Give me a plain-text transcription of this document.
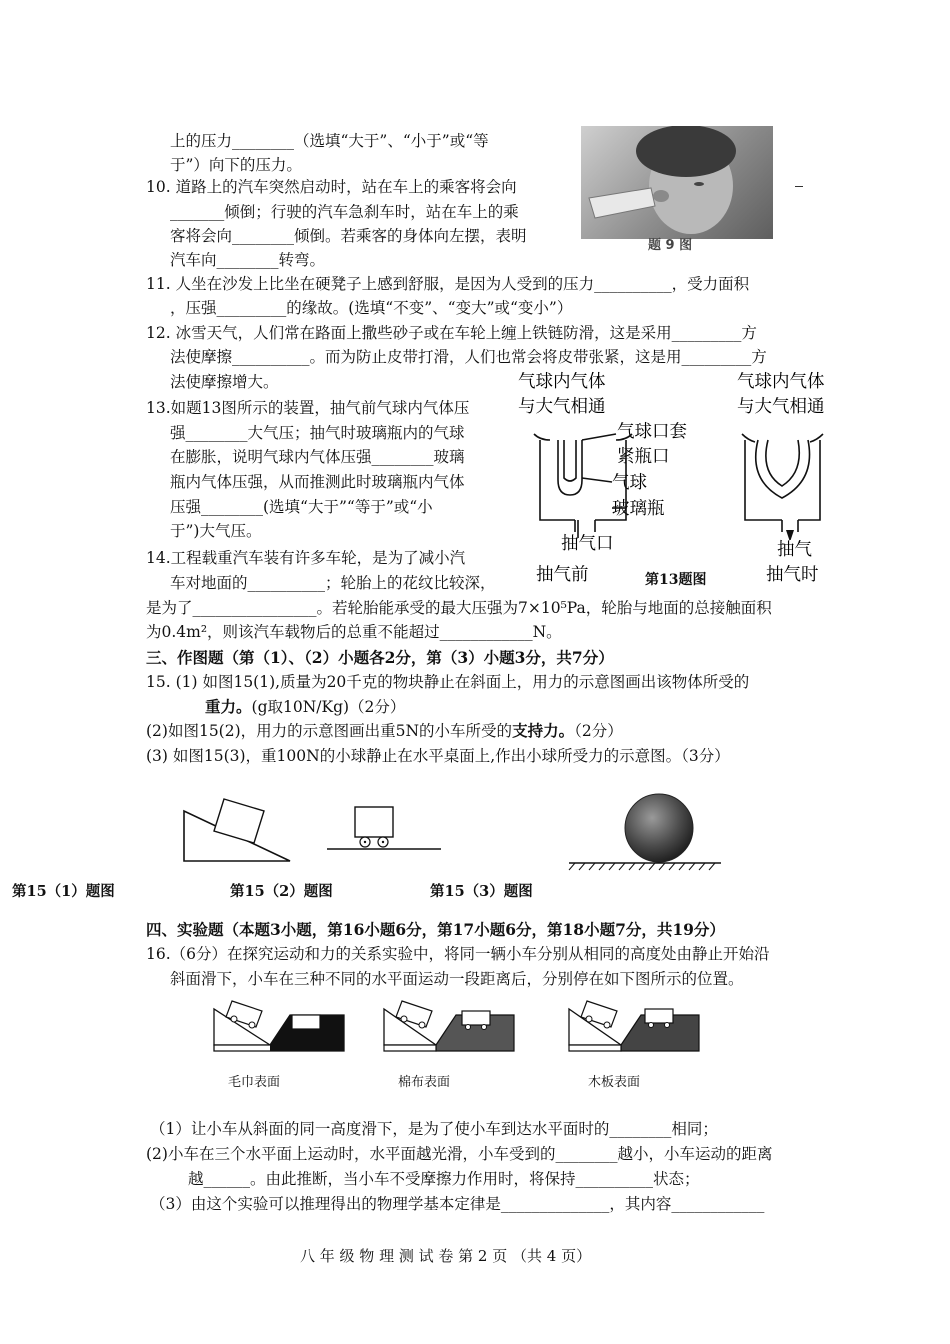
上的压力________（选填“大于”、“小于”或“等
于”）向下的压力。
10. 道路上的汽车突然启动时，站在车上的乘客将会向
_______倾倒；行驶的汽车急刹车时，站在车上的乘
客将会向________倾倒。若乘客的身体向左摆，表明
汽车向________转弯。
11. 人坐在沙发上比坐在硬凳子上感到舒服，是因为人受到的压力__________，受力面积
，压强_________的缘故。(选填“不变”、“变大”或“变小”）
12. 冰雪天气，人们常在路面上撒些砂子或在车轮上缠上铁链防滑，这是采用_________方
法使摩擦__________。而为防止皮带打滑，人们也常会将皮带张紧，这是用_________方
法使摩擦增大。
13.如题13图所示的装置，抽气前气球内气体压
强________大气压；抽气时玻璃瓶内的气球
在膨胀，说明气球内气体压强________玻璃
瓶内气体压强，从而推测此时玻璃瓶内气体
压强________(选填“大于”“等于”或“小
于”)大气压。
14.工程载重汽车装有许多车轮，是为了减小汽
车对地面的__________；轮胎上的花纹比较深，
是为了________________。若轮胎能承受的最大压强为7×10⁵Pa，轮胎与地面的总接触面积
为0.4m²，则该汽车载物后的总重不能超过____________N。
三、作图题（第（1）、（2）小题各2分，第（3）小题3分，共7分）
15. (1) 如图15(1),质量为20千克的物块静止在斜面上，用力的示意图画出该物体所受的
重力。(g取10N/Kg)（2分）
(2)如图15(2)，用力的示意图画出重5N的小车所受的支持力。（2分）
(3) 如图15(3)，重100N的小球静止在水平桌面上,作出小球所受力的示意图。（3分）
四、实验题（本题3小题，第16小题6分，第17小题6分，第18小题7分，共19分）
16.（6分）在探究运动和力的关系实验中，将同一辆小车分别从相同的高度处由静止开始沿
斜面滑下，小车在三种不同的水平面运动一段距离后，分别停在如下图所示的位置。
（1）让小车从斜面的同一高度滑下，是为了使小车到达水平面时的________相同；
(2)小车在三个水平面上运动时，水平面越光滑，小车受到的________越小，小车运动的距离
越______。由此推断，当小车不受摩擦力作用时，将保持__________状态；
（3）由这个实验可以推理得出的物理学基本定律是______________，其内容____________
八 年 级 物 理 测 试 卷 第 2 页 （共 4 页）
题 9 图
气球内气体
与大气相通
气球内气体
与大气相通
气球口套
紧瓶口
气球
玻璃瓶
抽气口
抽气前	第13题图
抽气
抽气时
第15（1）题图	第15（2）题图	第15（3）题图
毛巾表面	棉布表面	木板表面
